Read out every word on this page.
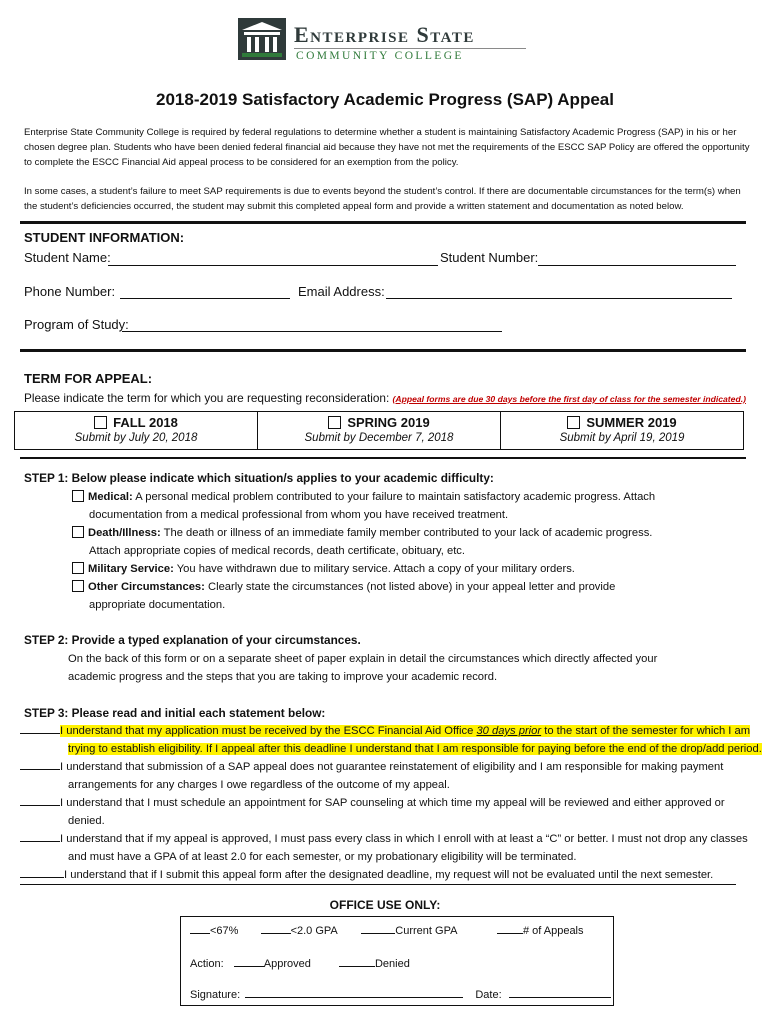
Enterprise State
COMMUNITY COLLEGE
2018-2019 Satisfactory Academic Progress (SAP) Appeal
Enterprise State Community College is required by federal regulations to determine whether a student is maintaining Satisfactory Academic Progress (SAP) in his or her chosen degree plan. Students who have been denied federal financial aid because they have not met the requirements of the ESCC SAP Policy are offered the opportunity to complete the ESCC Financial Aid appeal process to be considered for an exemption from the policy.
In some cases, a student’s failure to meet SAP requirements is due to events beyond the student’s control. If there are documentable circumstances for the term(s) when the student’s deficiencies occurred, the student may submit this completed appeal form and provide a written statement and documentation as noted below.
STUDENT INFORMATION:
Student Name:	Student Number:
Phone Number:	Email Address:
Program of Study:
TERM FOR APPEAL:
Please indicate the term for which you are requesting reconsideration: (Appeal forms are due 30 days before the first day of class for the semester indicated.)
FALL 2018
Submit by July 20, 2018
SPRING 2019
Submit by December 7, 2018
SUMMER 2019
Submit by April 19, 2019
STEP 1: Below please indicate which situation/s applies to your academic difficulty:
Medical: A personal medical problem contributed to your failure to maintain satisfactory academic progress. Attach
documentation from a medical professional from whom you have received treatment.
Death/Illness: The death or illness of an immediate family member contributed to your lack of academic progress.
Attach appropriate copies of medical records, death certificate, obituary, etc.
Military Service: You have withdrawn due to military service. Attach a copy of your military orders.
Other Circumstances: Clearly state the circumstances (not listed above) in your appeal letter and provide
appropriate documentation.
STEP 2: Provide a typed explanation of your circumstances.
On the back of this form or on a separate sheet of paper explain in detail the circumstances which directly affected your
academic progress and the steps that you are taking to improve your academic record.
STEP 3: Please read and initial each statement below:
I understand that my application must be received by the ESCC Financial Aid Office 30 days prior to the start of the semester for which I am
trying to establish eligibility. If I appeal after this deadline I understand that I am responsible for paying before the end of the drop/add period.
I understand that submission of a SAP appeal does not guarantee reinstatement of eligibility and I am responsible for making payment
arrangements for any charges I owe regardless of the outcome of my appeal.
I understand that I must schedule an appointment for SAP counseling at which time my appeal will be reviewed and either approved or
denied.
I understand that if my appeal is approved, I must pass every class in which I enroll with at least a “C” or better. I must not drop any classes
and must have a GPA of at least 2.0 for each semester, or my probationary eligibility will be terminated.
I understand that if I submit this appeal form after the designated deadline, my request will not be evaluated until the next semester.
OFFICE USE ONLY:
<67%	<2.0 GPA	Current GPA	# of Appeals
Action:	Approved	Denied
Signature:	Date:
